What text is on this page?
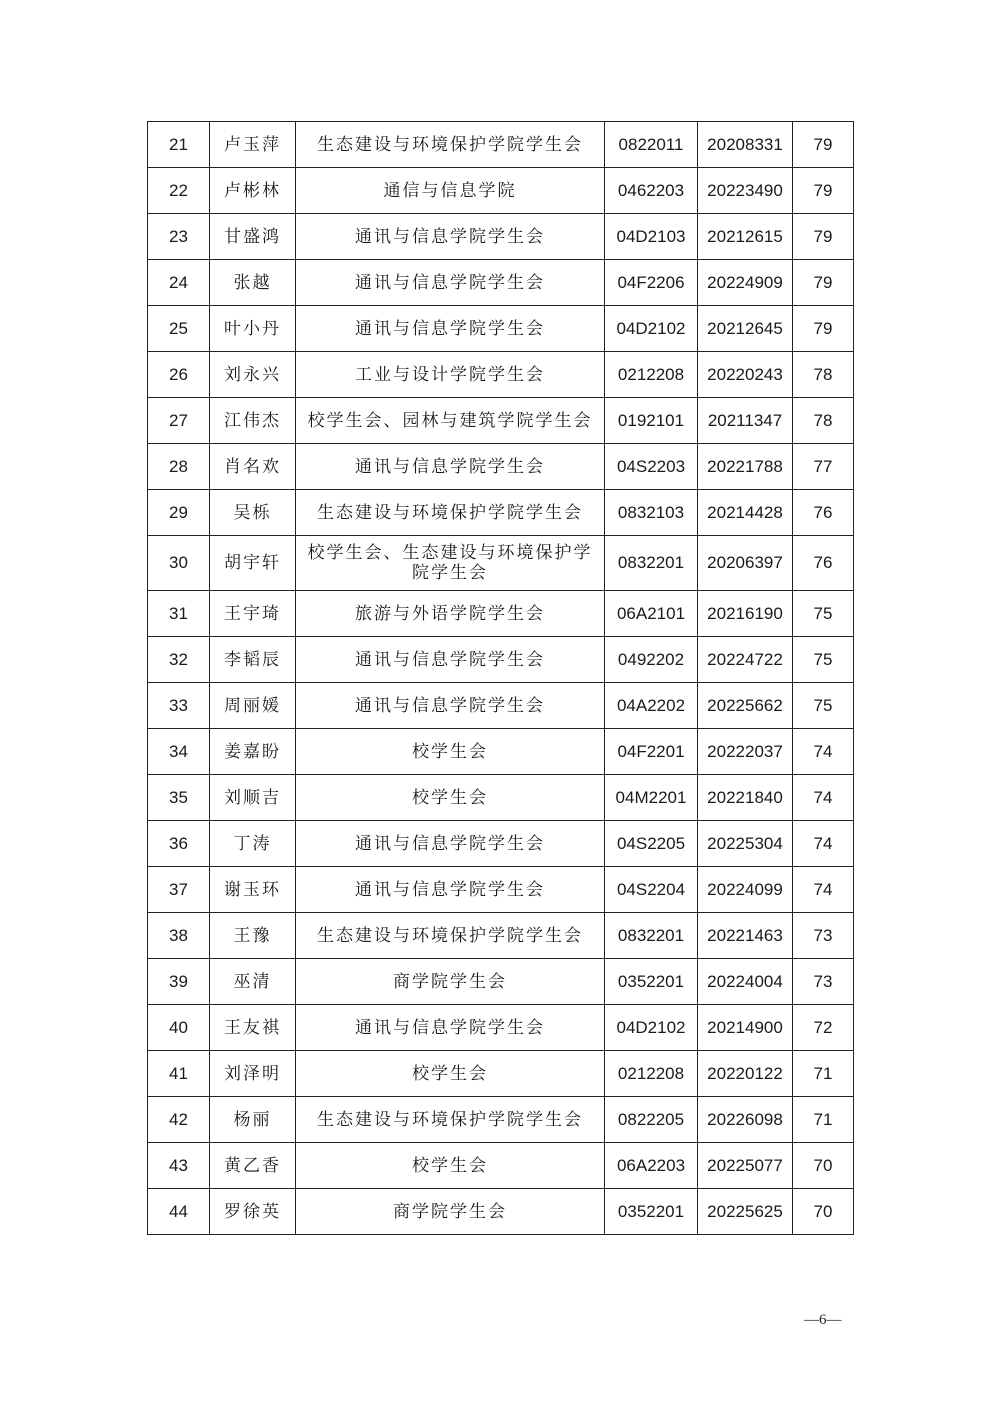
21	卢玉萍	生态建设与环境保护学院学生会	0822011	20208331	79
22	卢彬林	通信与信息学院	0462203	20223490	79
23	甘盛鸿	通讯与信息学院学生会	04D2103	20212615	79
24	张越	通讯与信息学院学生会	04F2206	20224909	79
25	叶小丹	通讯与信息学院学生会	04D2102	20212645	79
26	刘永兴	工业与设计学院学生会	0212208	20220243	78
27	江伟杰	校学生会、园林与建筑学院学生会	0192101	20211347	78
28	肖名欢	通讯与信息学院学生会	04S2203	20221788	77
29	吴栎	生态建设与环境保护学院学生会	0832103	20214428	76
30	胡宇轩	校学生会、生态建设与环境保护学院学生会	0832201	20206397	76
31	王宇琦	旅游与外语学院学生会	06A2101	20216190	75
32	李韬辰	通讯与信息学院学生会	0492202	20224722	75
33	周丽媛	通讯与信息学院学生会	04A2202	20225662	75
34	姜嘉盼	校学生会	04F2201	20222037	74
35	刘顺吉	校学生会	04M2201	20221840	74
36	丁涛	通讯与信息学院学生会	04S2205	20225304	74
37	谢玉环	通讯与信息学院学生会	04S2204	20224099	74
38	王豫	生态建设与环境保护学院学生会	0832201	20221463	73
39	巫清	商学院学生会	0352201	20224004	73
40	王友祺	通讯与信息学院学生会	04D2102	20214900	72
41	刘泽明	校学生会	0212208	20220122	71
42	杨丽	生态建设与环境保护学院学生会	0822205	20226098	71
43	黄乙香	校学生会	06A2203	20225077	70
44	罗徐英	商学院学生会	0352201	20225625	70
—6—
